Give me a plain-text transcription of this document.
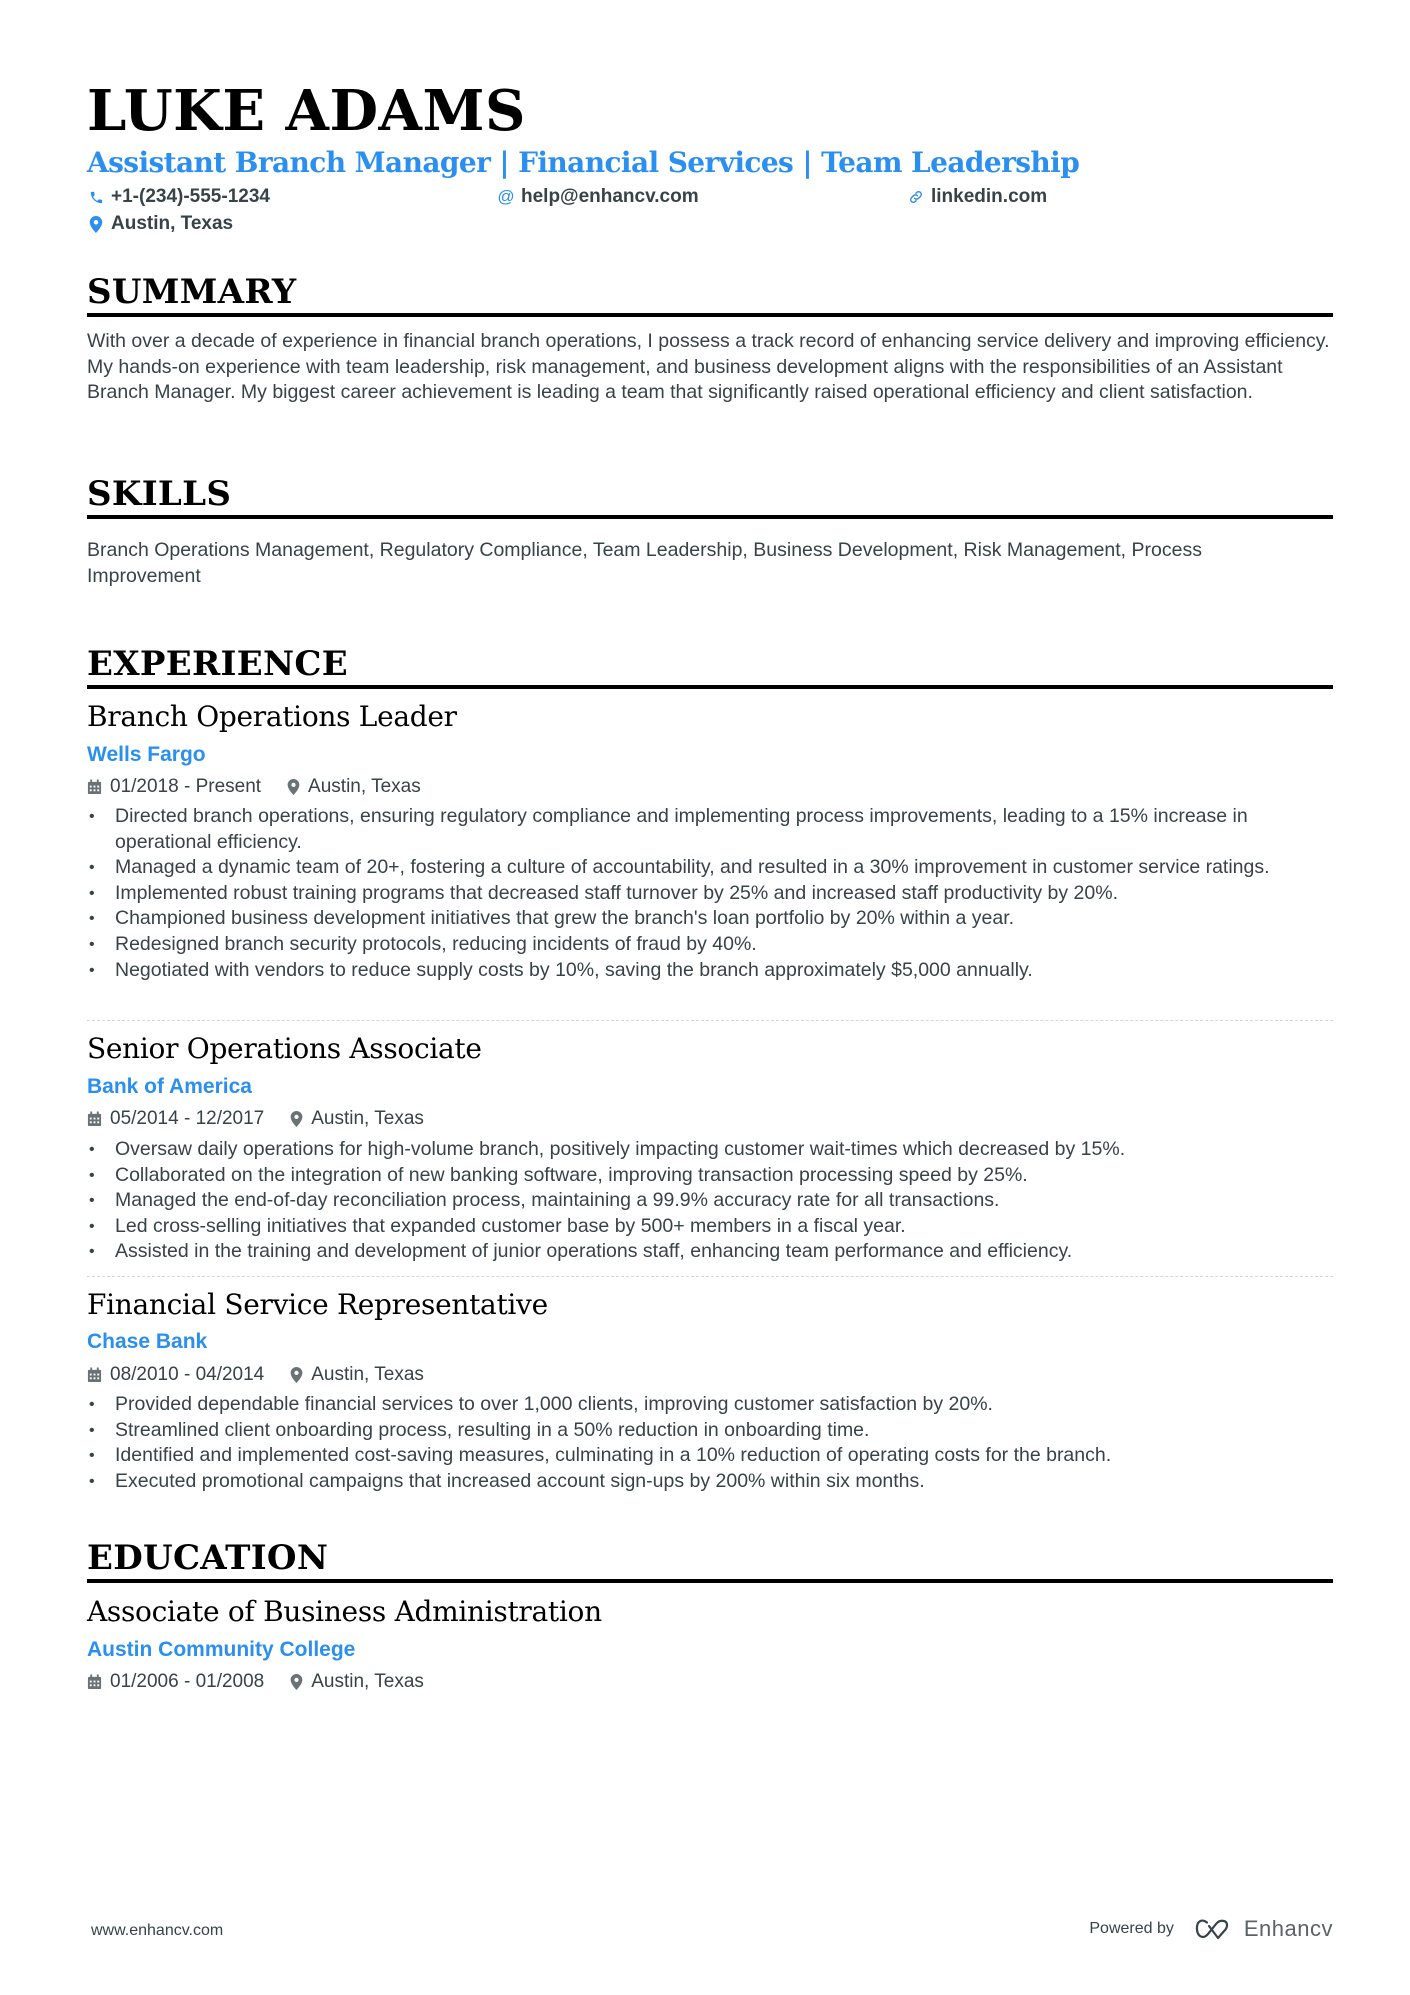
LUKE ADAMS
Assistant Branch Manager | Financial Services | Team Leadership
+1-(234)-555-1234	@ help@enhancv.com	linkedin.com
Austin, Texas
SUMMARY

With over a decade of experience in financial branch operations, I possess a track record of enhancing service delivery and improving efficiency. My hands-on experience with team leadership, risk management, and business development aligns with the responsibilities of an Assistant Branch Manager. My biggest career achievement is leading a team that significantly raised operational efficiency and client satisfaction.

SKILLS

Branch Operations Management, Regulatory Compliance, Team Leadership, Business Development, Risk Management, Process Improvement

EXPERIENCE
Branch Operations Leader
Wells Fargo
01/2018 - Present Austin, Texas
• Directed branch operations, ensuring regulatory compliance and implementing process improvements, leading to a 15% increase in operational efficiency.
• Managed a dynamic team of 20+, fostering a culture of accountability, and resulted in a 30% improvement in customer service ratings.
• Implemented robust training programs that decreased staff turnover by 25% and increased staff productivity by 20%.
• Championed business development initiatives that grew the branch's loan portfolio by 20% within a year.
• Redesigned branch security protocols, reducing incidents of fraud by 40%.
• Negotiated with vendors to reduce supply costs by 10%, saving the branch approximately $5,000 annually.
Senior Operations Associate
Bank of America
05/2014 - 12/2017 Austin, Texas
• Oversaw daily operations for high-volume branch, positively impacting customer wait-times which decreased by 15%.
• Collaborated on the integration of new banking software, improving transaction processing speed by 25%.
• Managed the end-of-day reconciliation process, maintaining a 99.9% accuracy rate for all transactions.
• Led cross-selling initiatives that expanded customer base by 500+ members in a fiscal year.
• Assisted in the training and development of junior operations staff, enhancing team performance and efficiency.
Financial Service Representative
Chase Bank
08/2010 - 04/2014 Austin, Texas
• Provided dependable financial services to over 1,000 clients, improving customer satisfaction by 20%.
• Streamlined client onboarding process, resulting in a 50% reduction in onboarding time.
• Identified and implemented cost-saving measures, culminating in a 10% reduction of operating costs for the branch.
• Executed promotional campaigns that increased account sign-ups by 200% within six months.
EDUCATION
Associate of Business Administration
Austin Community College
01/2006 - 01/2008 Austin, Texas
www.enhancv.com	Powered by	Enhancv
